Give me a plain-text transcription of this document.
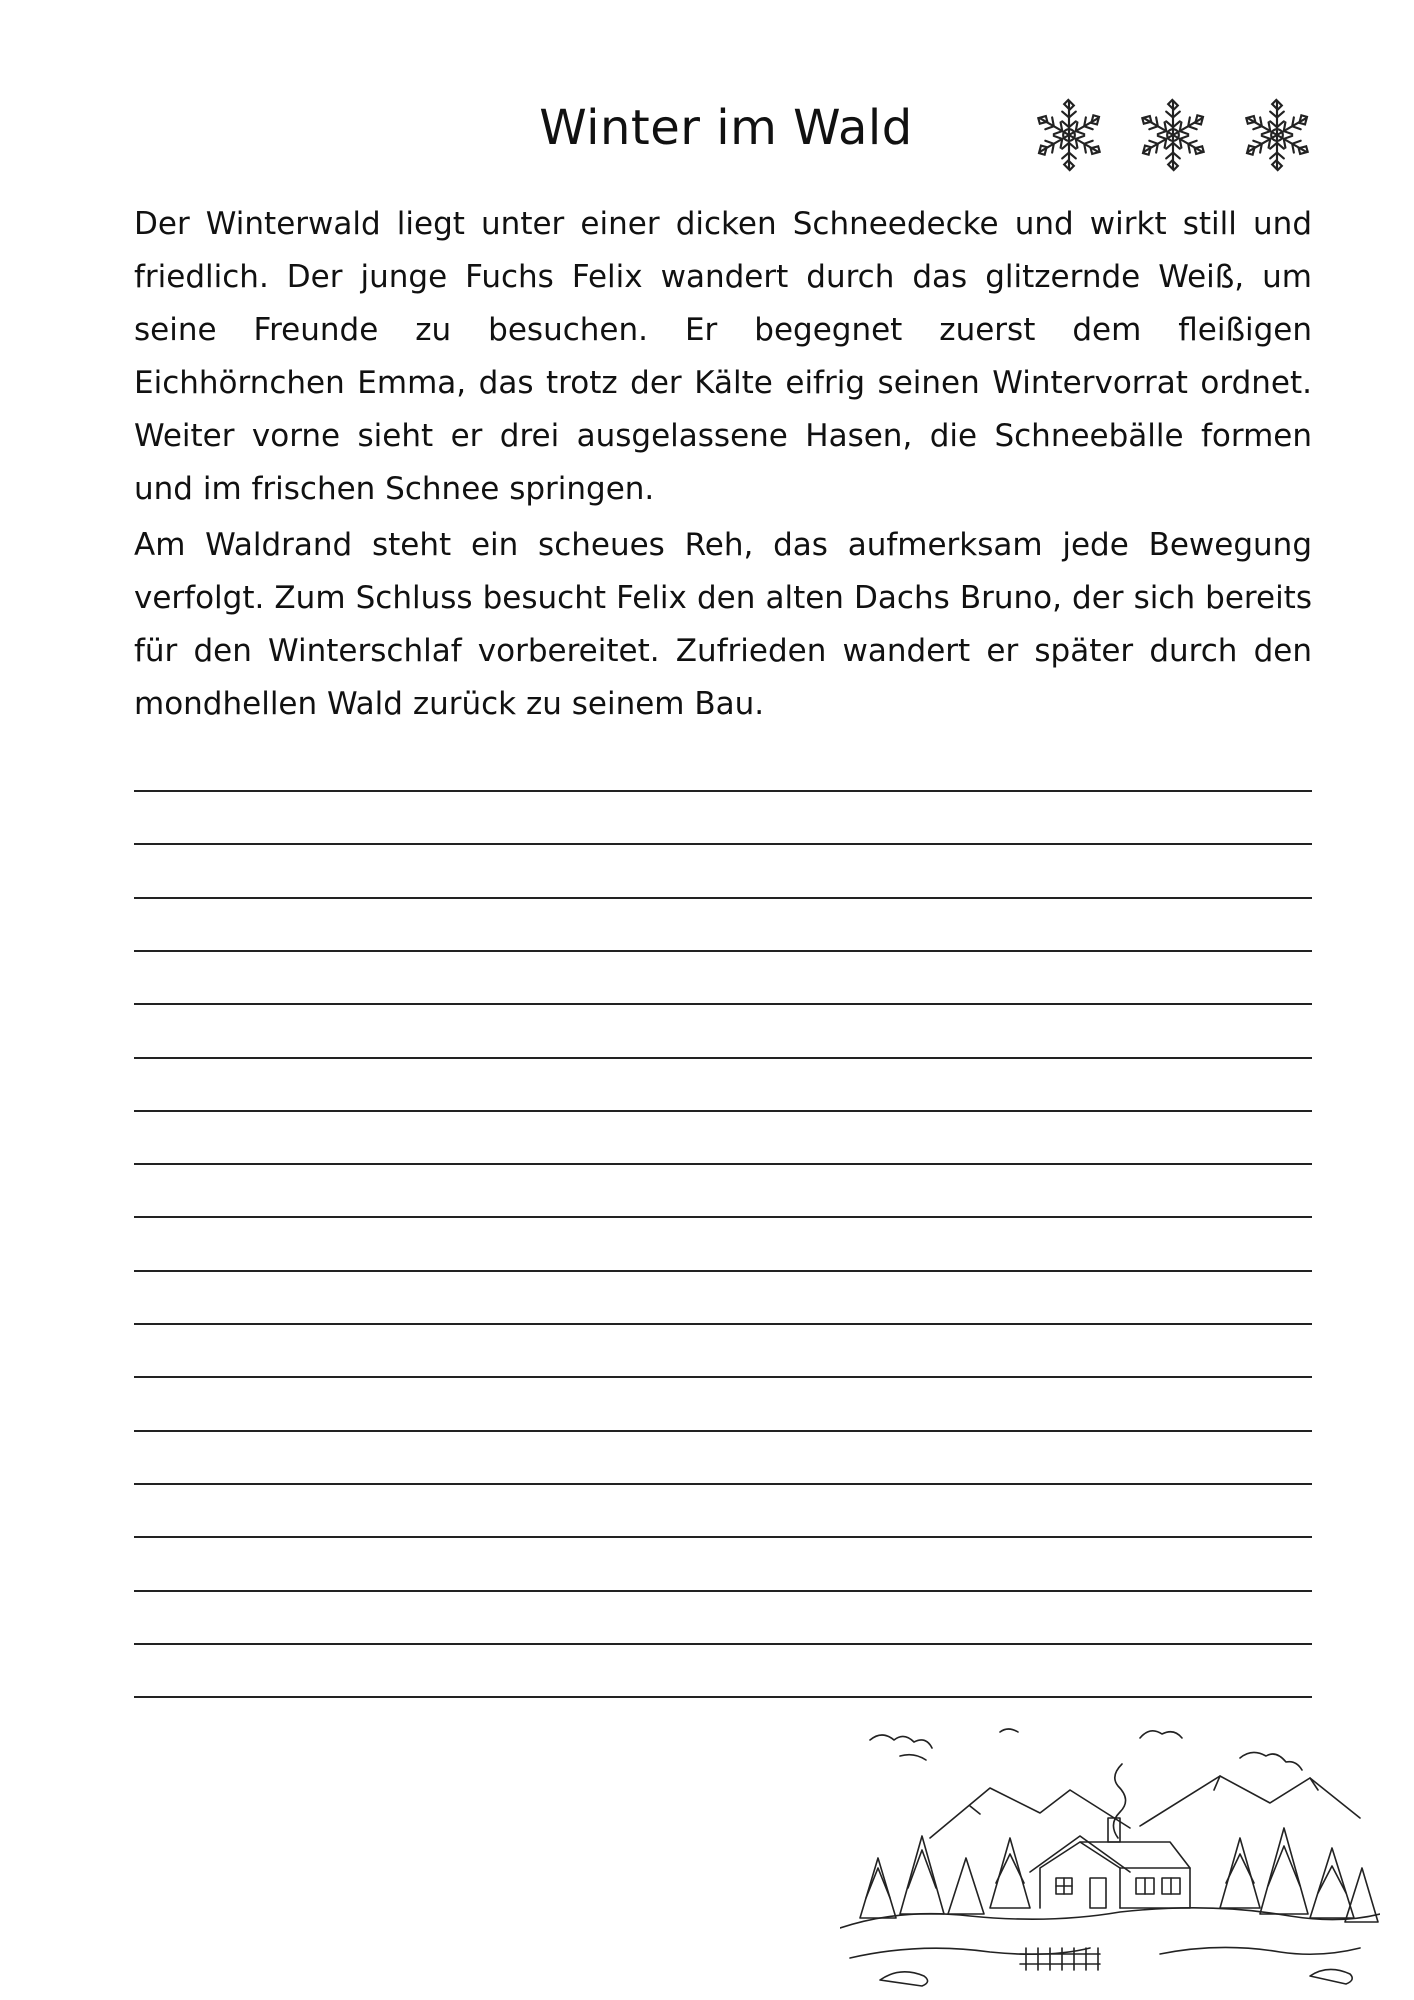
Winter im Wald

Der Winterwald liegt unter einer dicken Schneedecke und wirkt still und friedlich. Der junge Fuchs Felix wandert durch das glitzernde Weiß, um seine Freunde zu besuchen. Er begegnet zuerst dem fleißigen Eichhörnchen Emma, das trotz der Kälte eifrig seinen Wintervorrat ordnet. Weiter vorne sieht er drei ausgelassene Hasen, die Schneebälle formen und im frischen Schnee springen.

Am Waldrand steht ein scheues Reh, das aufmerksam jede Bewegung verfolgt. Zum Schluss besucht Felix den alten Dachs Bruno, der sich bereits für den Winterschlaf vorbereitet. Zufrieden wandert er später durch den mondhellen Wald zurück zu seinem Bau.
